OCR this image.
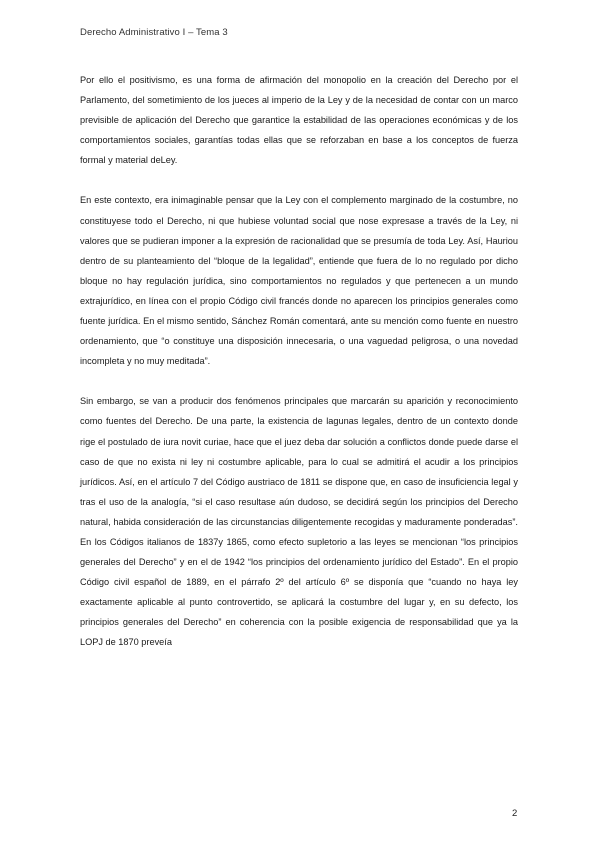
Derecho Administrativo I – Tema 3

Por ello el positivismo, es una forma de afirmación del monopolio en la creación del Derecho por el Parlamento, del sometimiento de los jueces al imperio de la Ley y de la necesidad de contar con un marco previsible de aplicación del Derecho que garantice la estabilidad de las operaciones económicas y de los comportamientos sociales, garantías todas ellas que se reforzaban en base a los conceptos de fuerza formal y material deLey.

En este contexto, era inimaginable pensar que la Ley con el complemento marginado de la costumbre, no constituyese todo el Derecho, ni que hubiese voluntad social que nose expresase a través de la Ley, ni valores que se pudieran imponer a la expresión de racionalidad que se presumía de toda Ley. Así, Hauriou dentro de su planteamiento del “bloque de la legalidad”, entiende que fuera de lo no regulado por dicho bloque no hay regulación jurídica, sino comportamientos no regulados y que pertenecen a un mundo extrajurídico, en línea con el propio Código civil francés donde no aparecen los principios generales como fuente jurídica. En el mismo sentido, Sánchez Román comentará, ante su mención como fuente en nuestro ordenamiento, que “o constituye una disposición innecesaria, o una vaguedad peligrosa, o una novedad incompleta y no muy meditada”.

Sin embargo, se van a producir dos fenómenos principales que marcarán su aparición y reconocimiento como fuentes del Derecho. De una parte, la existencia de lagunas legales, dentro de un contexto donde rige el postulado de iura novit curiae, hace que el juez deba dar solución a conflictos donde puede darse el caso de que no exista ni ley ni costumbre aplicable, para lo cual se admitirá el acudir a los principios jurídicos. Así, en el artículo 7 del Código austriaco de 1811 se dispone que, en caso de insuficiencia legal y tras el uso de la analogía, “si el caso resultase aún dudoso, se decidirá según los principios del Derecho natural, habida consideración de las circunstancias diligentemente recogidas y maduramente ponderadas”. En los Códigos italianos de 1837y 1865, como efecto supletorio a las leyes se mencionan “los principios generales del Derecho” y en el de 1942 “los principios del ordenamiento jurídico del Estado”. En el propio Código civil español de 1889, en el párrafo 2º del artículo 6º se disponía que “cuando no haya ley exactamente aplicable al punto controvertido, se aplicará la costumbre del lugar y, en su defecto, los principios generales del Derecho” en coherencia con la posible exigencia de responsabilidad que ya la LOPJ de 1870 preveía

2
